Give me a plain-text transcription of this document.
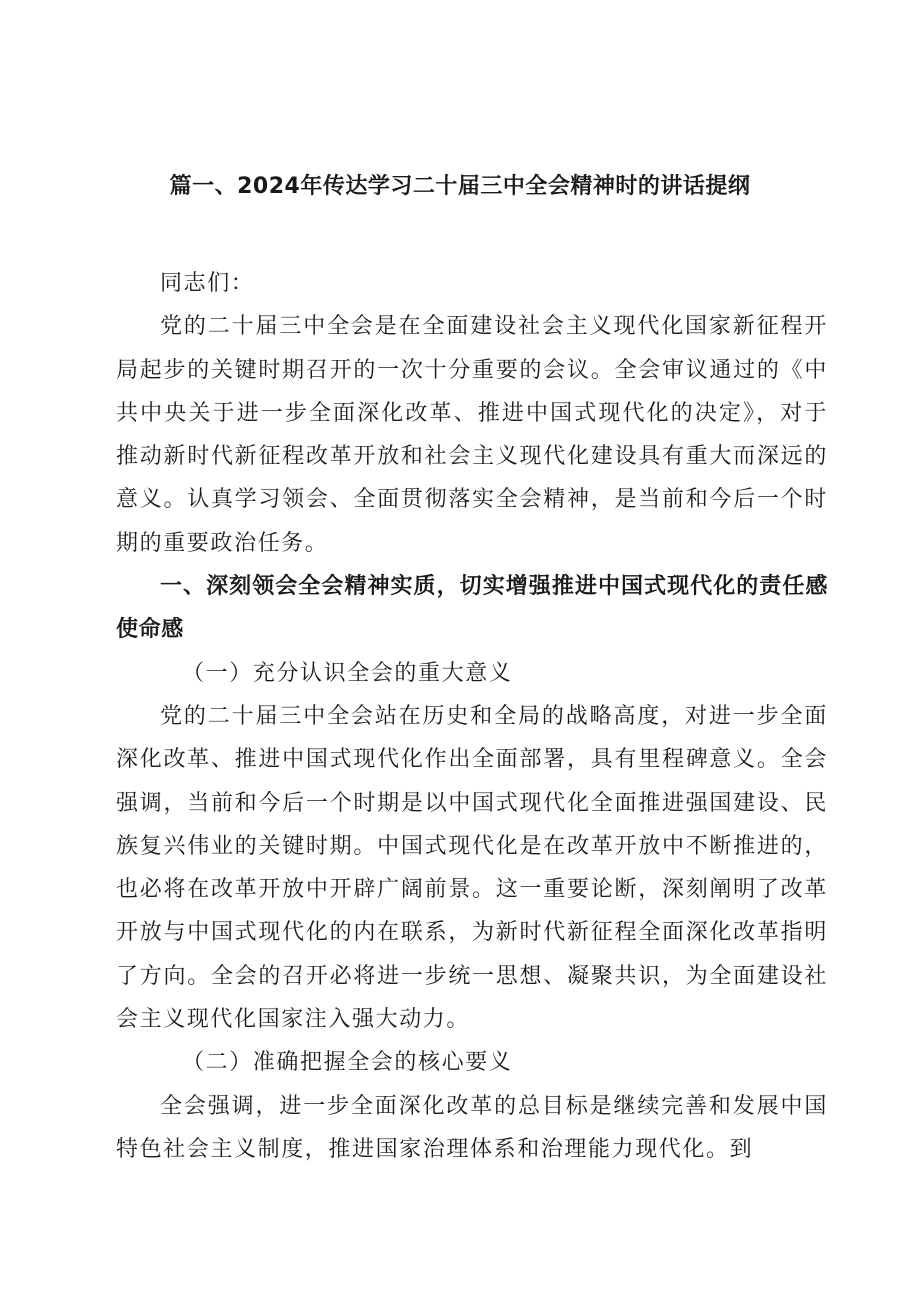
篇一、2024年传达学习二十届三中全会精神时的讲话提纲

同志们：

党的二十届三中全会是在全面建设社会主义现代化国家新征程开局起步的关键时期召开的一次十分重要的会议。全会审议通过的《中共中央关于进一步全面深化改革、推进中国式现代化的决定》，对于推动新时代新征程改革开放和社会主义现代化建设具有重大而深远的意义。认真学习领会、全面贯彻落实全会精神，是当前和今后一个时期的重要政治任务。

一、深刻领会全会精神实质，切实增强推进中国式现代化的责任感使命感

（一）充分认识全会的重大意义

党的二十届三中全会站在历史和全局的战略高度，对进一步全面深化改革、推进中国式现代化作出全面部署，具有里程碑意义。全会强调，当前和今后一个时期是以中国式现代化全面推进强国建设、民族复兴伟业的关键时期。中国式现代化是在改革开放中不断推进的，也必将在改革开放中开辟广阔前景。这一重要论断，深刻阐明了改革开放与中国式现代化的内在联系，为新时代新征程全面深化改革指明了方向。全会的召开必将进一步统一思想、凝聚共识，为全面建设社会主义现代化国家注入强大动力。

（二）准确把握全会的核心要义

全会强调，进一步全面深化改革的总目标是继续完善和发展中国特色社会主义制度，推进国家治理体系和治理能力现代化。到
